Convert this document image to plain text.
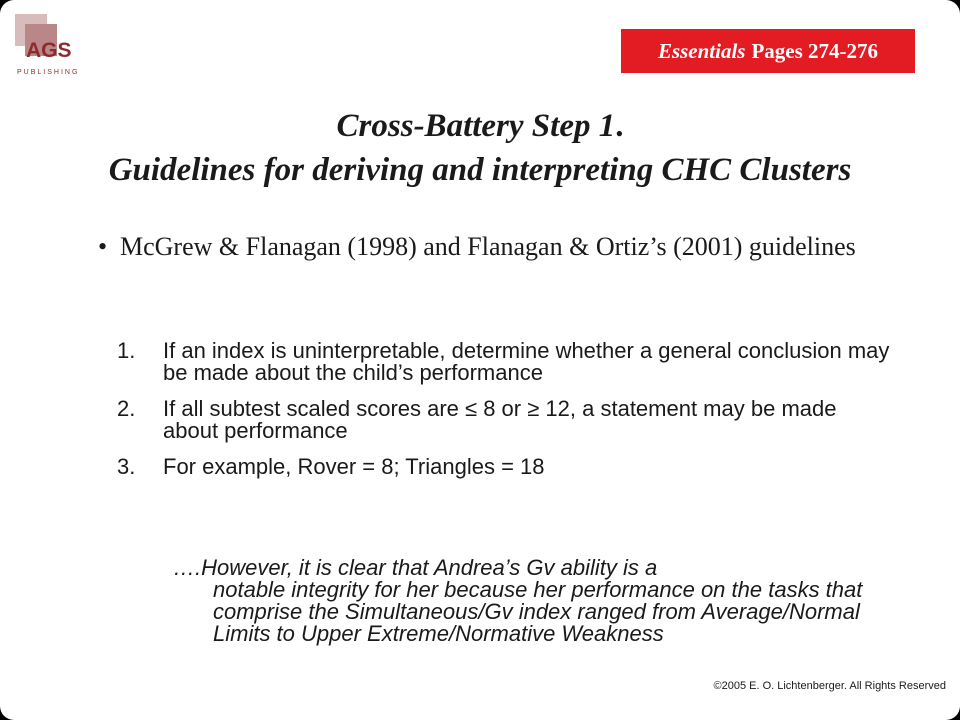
AGS
PUBLISHING
Essentials Pages 274-276
Cross-Battery Step 1.
Guidelines for deriving and interpreting CHC Clusters
• McGrew & Flanagan (1998) and Flanagan & Ortiz’s (2001) guidelines
1. If an index is uninterpretable, determine whether a general conclusion may be made about the child’s performance
2. If all subtest scaled scores are ≤ 8 or ≥ 12, a statement may be made about performance
3. For example, Rover = 8; Triangles = 18
….However, it is clear that Andrea’s Gv ability is a
notable integrity for her because her performance on the tasks that comprise the Simultaneous/Gv index ranged from Average/Normal Limits to Upper Extreme/Normative Weakness
©2005 E. O. Lichtenberger. All Rights Reserved
